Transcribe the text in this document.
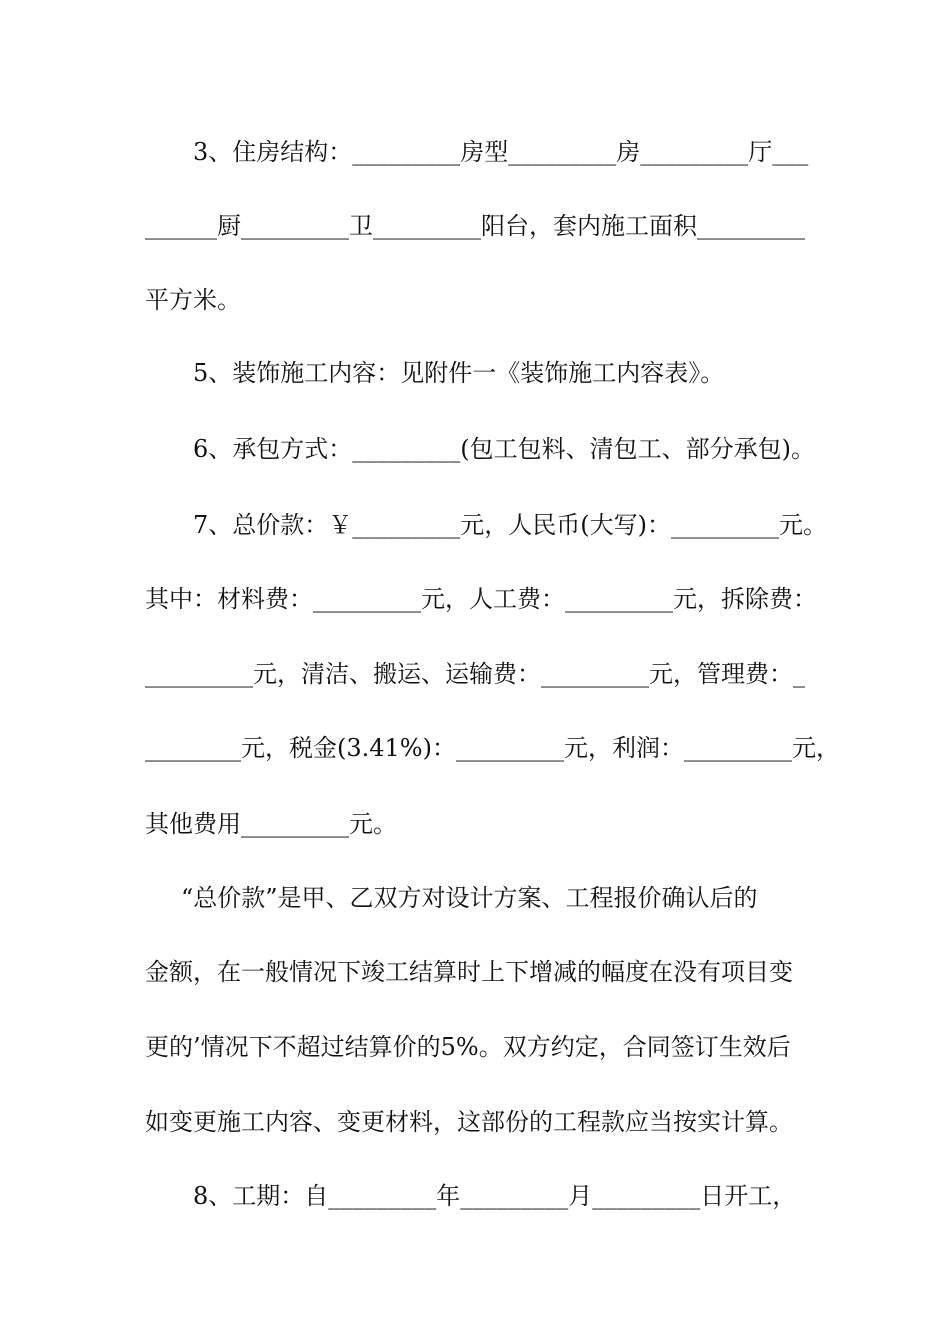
3、住房结构：_________房型_________房_________厅___
______厨_________卫_________阳台，套内施工面积_________
平方米。
5、装饰施工内容：见附件一《装饰施工内容表》。
6、承包方式：_________(包工包料、清包工、部分承包)。
7、总价款：￥_________元，人民币(大写)：_________元。
其中：材料费：_________元，人工费：_________元，拆除费：
_________元，清洁、搬运、运输费：_________元，管理费：_
________元，税金(3.41%)：_________元，利润：_________元，
其他费用_________元。
“总价款”是甲、乙双方对设计方案、工程报价确认后的
金额，在一般情况下竣工结算时上下增减的幅度在没有项目变
更的’情况下不超过结算价的5%。双方约定，合同签订生效后
如变更施工内容、变更材料，这部份的工程款应当按实计算。
8、工期：自_________年_________月_________日开工，
